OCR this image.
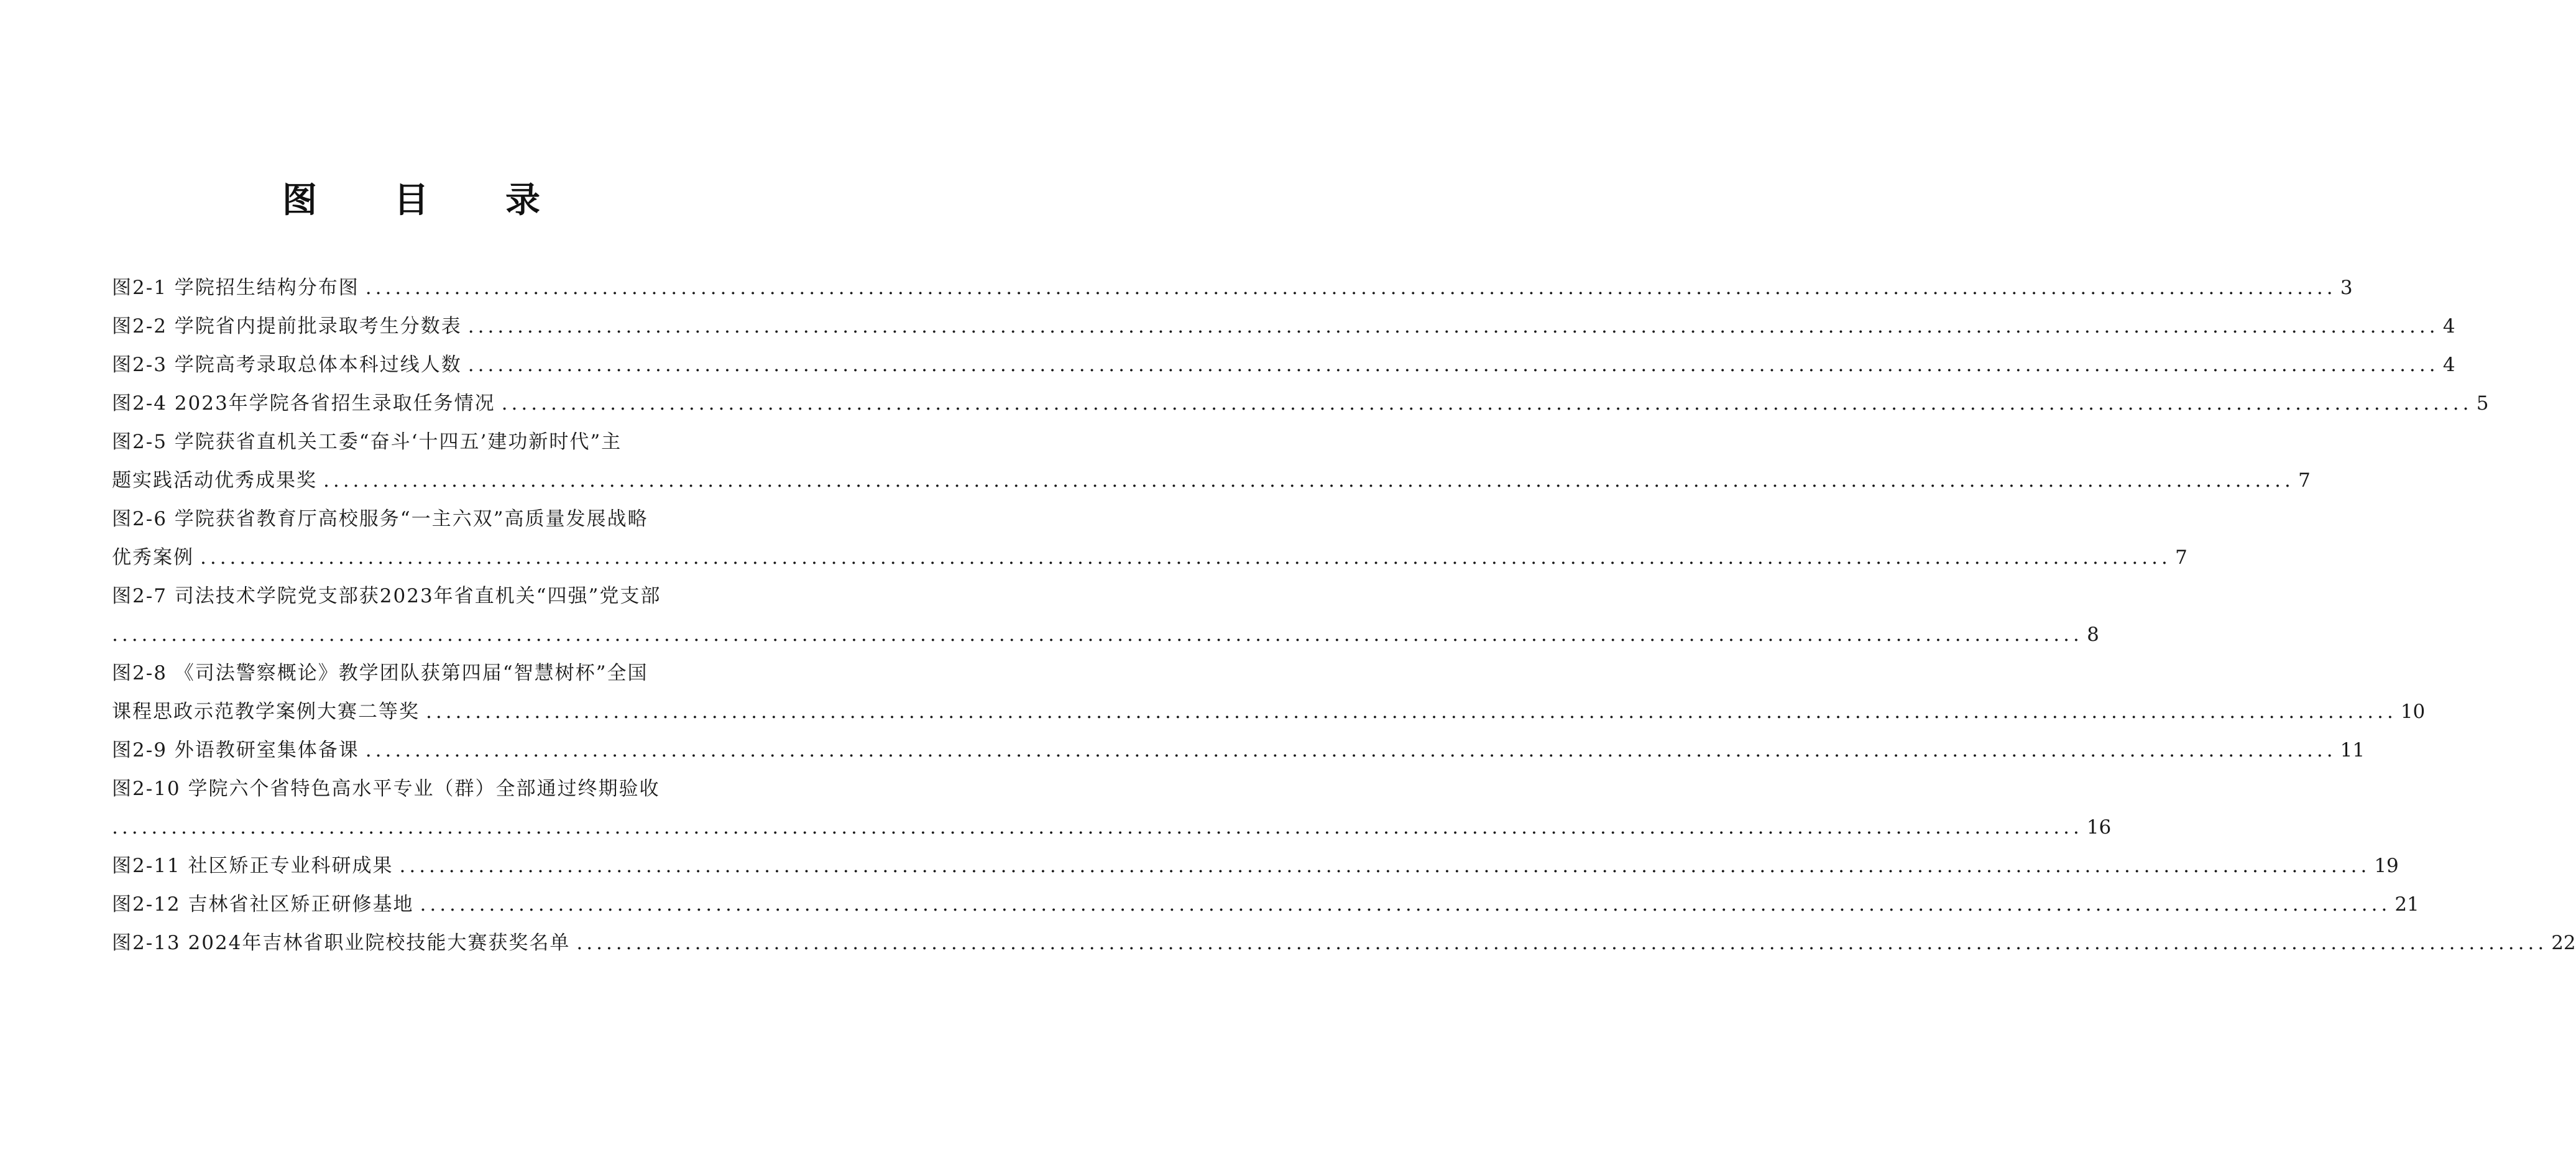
图 目 录
图2-1 学院招生结构分布图 ........................................................................................................................................................................................................ 3
图2-2 学院省内提前批录取考生分数表 ........................................................................................................................................................................................................ 4
图2-3 学院高考录取总体本科过线人数 ........................................................................................................................................................................................................ 4
图2-4 2023年学院各省招生录取任务情况 ........................................................................................................................................................................................................ 5
图2-5 学院获省直机关工委“奋斗‘十四五’建功新时代”主
题实践活动优秀成果奖 ........................................................................................................................................................................................................ 7
图2-6 学院获省教育厅高校服务“一主六双”高质量发展战略
优秀案例 ........................................................................................................................................................................................................ 7
图2-7 司法技术学院党支部获2023年省直机关“四强”党支部
........................................................................................................................................................................................................ 8
图2-8 《司法警察概论》教学团队获第四届“智慧树杯”全国
课程思政示范教学案例大赛二等奖 ........................................................................................................................................................................................................ 10
图2-9 外语教研室集体备课 ........................................................................................................................................................................................................ 11
图2-10 学院六个省特色高水平专业（群）全部通过终期验收
........................................................................................................................................................................................................ 16
图2-11 社区矫正专业科研成果 ........................................................................................................................................................................................................ 19
图2-12 吉林省社区矫正研修基地 ........................................................................................................................................................................................................ 21
图2-13 2024年吉林省职业院校技能大赛获奖名单 ........................................................................................................................................................................................................ 22
